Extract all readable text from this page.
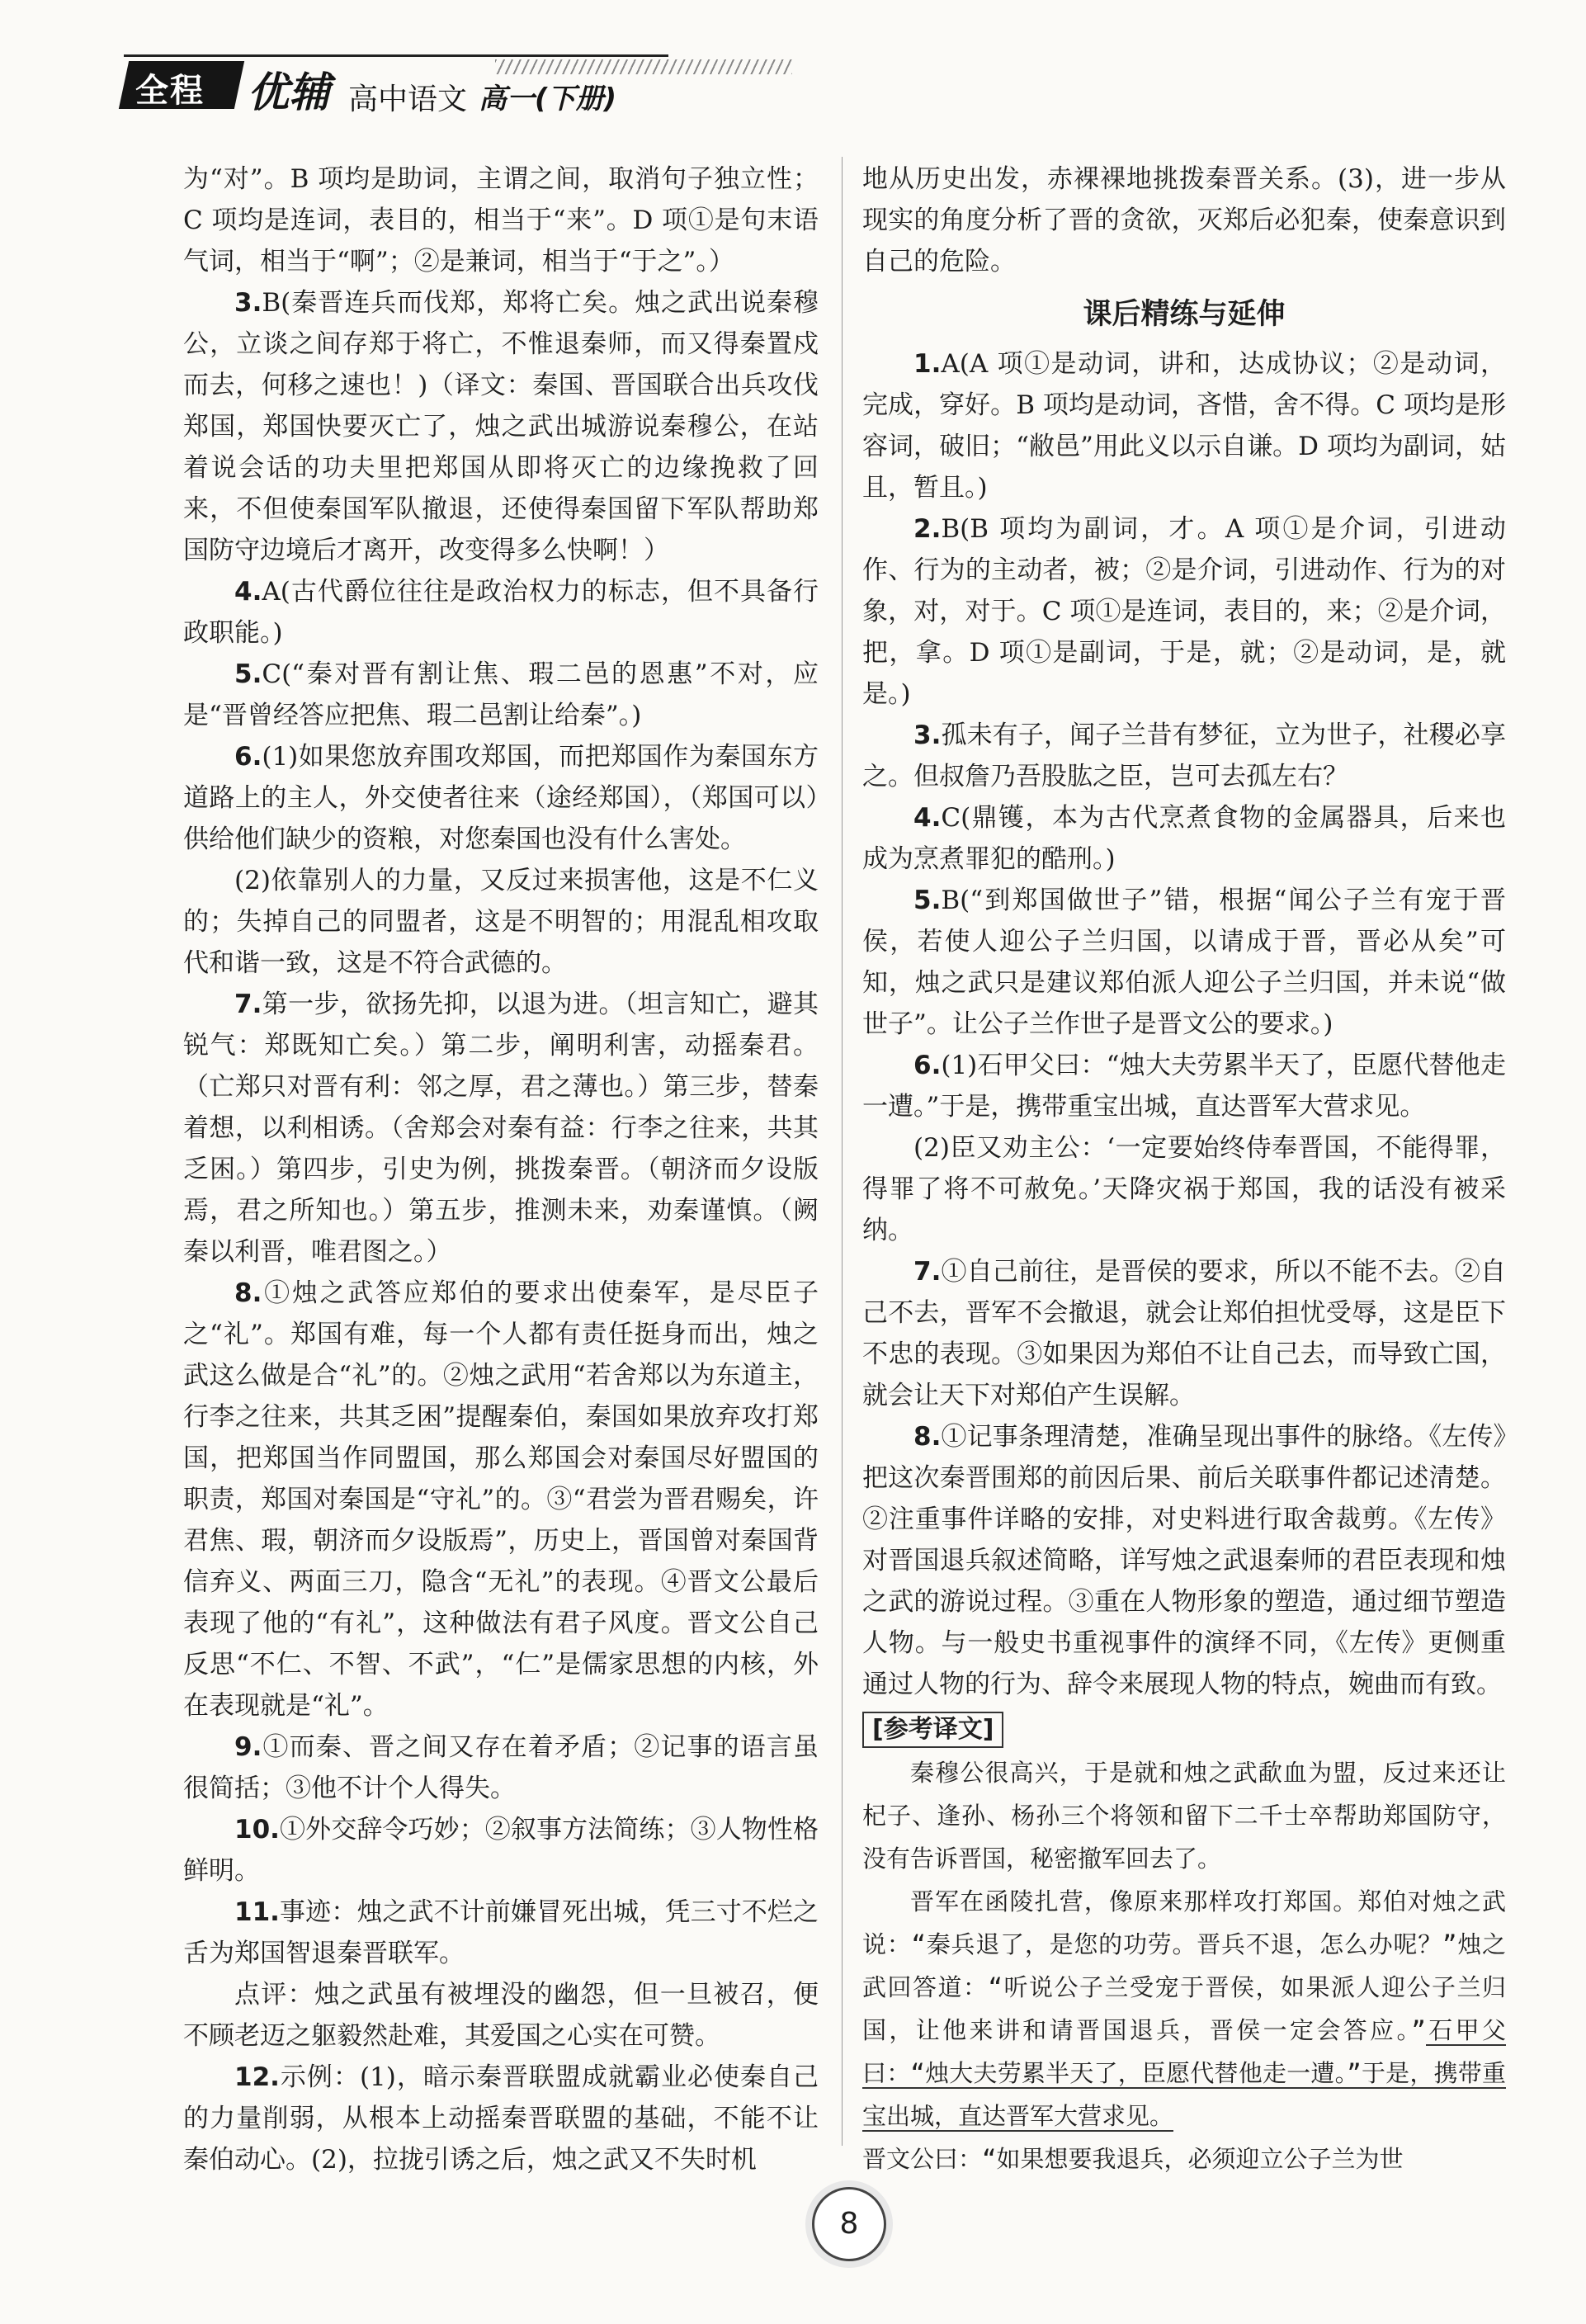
全程 优辅 高中语文 高一(下册)

为“对”。B 项均是助词，主谓之间，取消句子独立性；C 项均是连词，表目的，相当于“来”。D 项①是句末语气词，相当于“啊”；②是兼词，相当于“于之”。）

3.B(秦晋连兵而伐郑，郑将亡矣。烛之武出说秦穆公，立谈之间存郑于将亡，不惟退秦师，而又得秦置戍而去，何移之速也！)（译文：秦国、晋国联合出兵攻伐郑国，郑国快要灭亡了，烛之武出城游说秦穆公，在站着说会话的功夫里把郑国从即将灭亡的边缘挽救了回来，不但使秦国军队撤退，还使得秦国留下军队帮助郑国防守边境后才离开，改变得多么快啊！）

4.A(古代爵位往往是政治权力的标志，但不具备行政职能。)

5.C(“秦对晋有割让焦、瑕二邑的恩惠”不对，应是“晋曾经答应把焦、瑕二邑割让给秦”。)

6.(1)如果您放弃围攻郑国，而把郑国作为秦国东方道路上的主人，外交使者往来（途经郑国），（郑国可以）供给他们缺少的资粮，对您秦国也没有什么害处。

(2)依靠别人的力量，又反过来损害他，这是不仁义的；失掉自己的同盟者，这是不明智的；用混乱相攻取代和谐一致，这是不符合武德的。

7.第一步，欲扬先抑，以退为进。（坦言知亡，避其锐气：郑既知亡矣。）第二步，阐明利害，动摇秦君。（亡郑只对晋有利：邻之厚，君之薄也。）第三步，替秦着想，以利相诱。（舍郑会对秦有益：行李之往来，共其乏困。）第四步，引史为例，挑拨秦晋。（朝济而夕设版焉，君之所知也。）第五步，推测未来，劝秦谨慎。（阙秦以利晋，唯君图之。）

8.①烛之武答应郑伯的要求出使秦军，是尽臣子之“礼”。郑国有难，每一个人都有责任挺身而出，烛之武这么做是合“礼”的。②烛之武用“若舍郑以为东道主，行李之往来，共其乏困”提醒秦伯，秦国如果放弃攻打郑国，把郑国当作同盟国，那么郑国会对秦国尽好盟国的职责，郑国对秦国是“守礼”的。③“君尝为晋君赐矣，许君焦、瑕，朝济而夕设版焉”，历史上，晋国曾对秦国背信弃义、两面三刀，隐含“无礼”的表现。④晋文公最后表现了他的“有礼”，这种做法有君子风度。晋文公自己反思“不仁、不智、不武”，“仁”是儒家思想的内核，外在表现就是“礼”。

9.①而秦、晋之间又存在着矛盾；②记事的语言虽很简括；③他不计个人得失。

10.①外交辞令巧妙；②叙事方法简练；③人物性格鲜明。

11.事迹：烛之武不计前嫌冒死出城，凭三寸不烂之舌为郑国智退秦晋联军。

点评：烛之武虽有被埋没的幽怨，但一旦被召，便不顾老迈之躯毅然赴难，其爱国之心实在可赞。

12.示例：(1)，暗示秦晋联盟成就霸业必使秦自己的力量削弱，从根本上动摇秦晋联盟的基础，不能不让秦伯动心。(2)，拉拢引诱之后，烛之武又不失时机

地从历史出发，赤裸裸地挑拨秦晋关系。(3)，进一步从现实的角度分析了晋的贪欲，灭郑后必犯秦，使秦意识到自己的危险。

课后精练与延伸

1.A(A 项①是动词，讲和，达成协议；②是动词，完成，穿好。B 项均是动词，吝惜，舍不得。C 项均是形容词，破旧；“敝邑”用此义以示自谦。D 项均为副词，姑且，暂且。)

2.B(B 项均为副词，才。A 项①是介词，引进动作、行为的主动者，被；②是介词，引进动作、行为的对象，对，对于。C 项①是连词，表目的，来；②是介词，把，拿。D 项①是副词，于是，就；②是动词，是，就是。)

3.孤未有子，闻子兰昔有梦征，立为世子，社稷必享之。但叔詹乃吾股肱之臣，岂可去孤左右？

4.C(鼎镬，本为古代烹煮食物的金属器具，后来也成为烹煮罪犯的酷刑。)

5.B(“到郑国做世子”错，根据“闻公子兰有宠于晋侯，若使人迎公子兰归国，以请成于晋，晋必从矣”可知，烛之武只是建议郑伯派人迎公子兰归国，并未说“做世子”。让公子兰作世子是晋文公的要求。)

6.(1)石甲父曰：“烛大夫劳累半天了，臣愿代替他走一遭。”于是，携带重宝出城，直达晋军大营求见。

(2)臣又劝主公：‘一定要始终侍奉晋国，不能得罪，得罪了将不可赦免。’天降灾祸于郑国，我的话没有被采纳。

7.①自己前往，是晋侯的要求，所以不能不去。②自己不去，晋军不会撤退，就会让郑伯担忧受辱，这是臣下不忠的表现。③如果因为郑伯不让自己去，而导致亡国，就会让天下对郑伯产生误解。

8.①记事条理清楚，准确呈现出事件的脉络。《左传》把这次秦晋围郑的前因后果、前后关联事件都记述清楚。②注重事件详略的安排，对史料进行取舍裁剪。《左传》对晋国退兵叙述简略，详写烛之武退秦师的君臣表现和烛之武的游说过程。③重在人物形象的塑造，通过细节塑造人物。与一般史书重视事件的演绎不同，《左传》更侧重通过人物的行为、辞令来展现人物的特点，婉曲而有致。

[参考译文]

秦穆公很高兴，于是就和烛之武歃血为盟，反过来还让杞子、逢孙、杨孙三个将领和留下二千士卒帮助郑国防守，没有告诉晋国，秘密撤军回去了。

晋军在函陵扎营，像原来那样攻打郑国。郑伯对烛之武说：“秦兵退了，是您的功劳。晋兵不退，怎么办呢？”烛之武回答道：“听说公子兰受宠于晋侯，如果派人迎公子兰归国，让他来讲和请晋国退兵，晋侯一定会答应。”石甲父曰：“烛大夫劳累半天了，臣愿代替他走一遭。”于是，携带重宝出城，直达晋军大营求见。

晋文公曰：“如果想要我退兵，必须迎立公子兰为世

8
